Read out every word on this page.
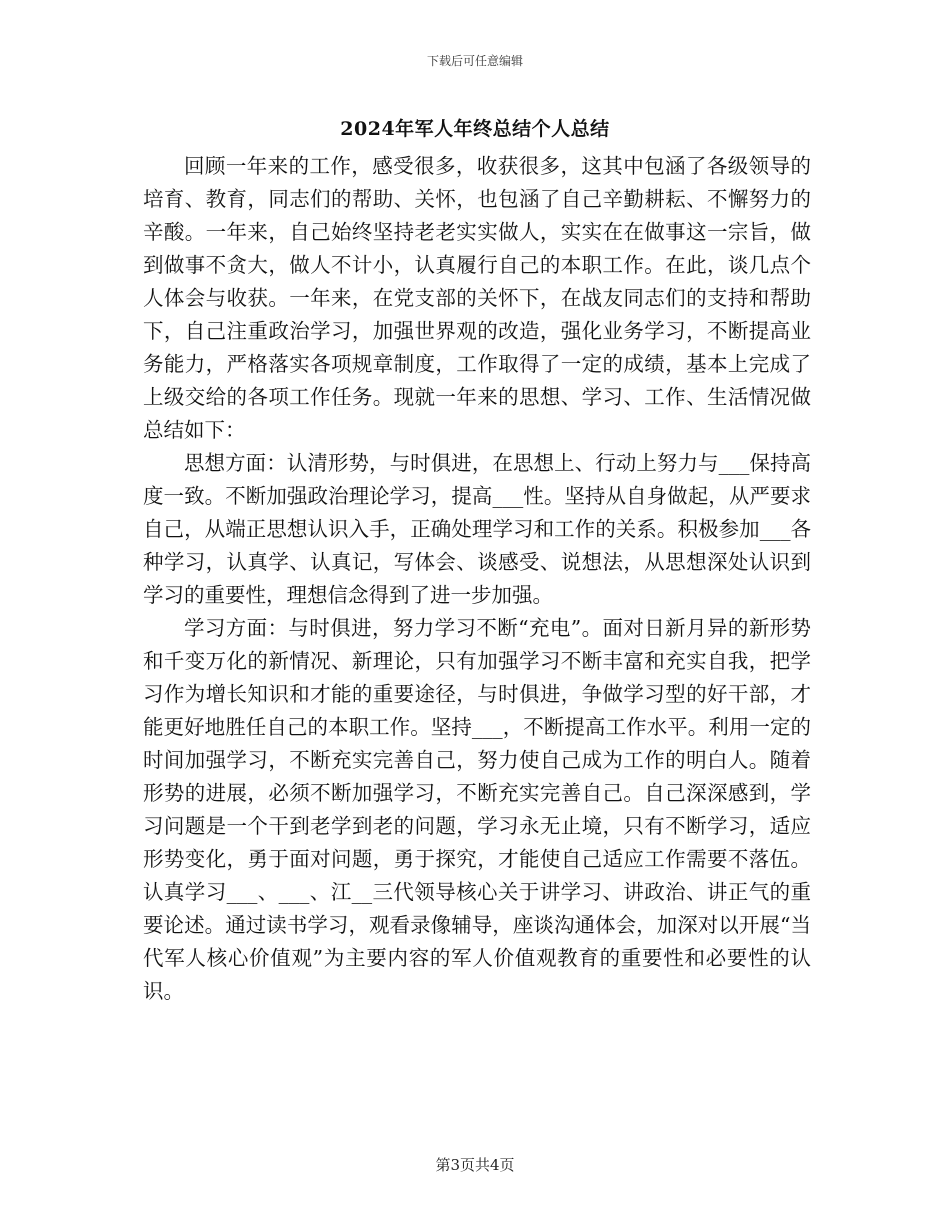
下载后可任意编辑
2024年军人年终总结个人总结

回顾一年来的工作，感受很多，收获很多，这其中包涵了各级领导的培育、教育，同志们的帮助、关怀，也包涵了自己辛勤耕耘、不懈努力的辛酸。一年来，自己始终坚持老老实实做人，实实在在做事这一宗旨，做到做事不贪大，做人不计小，认真履行自己的本职工作。在此，谈几点个人体会与收获。一年来，在党支部的关怀下，在战友同志们的支持和帮助下，自己注重政治学习，加强世界观的改造，强化业务学习，不断提高业务能力，严格落实各项规章制度，工作取得了一定的成绩，基本上完成了上级交给的各项工作任务。现就一年来的思想、学习、工作、生活情况做总结如下：

思想方面：认清形势，与时俱进，在思想上、行动上努力与___保持高度一致。不断加强政治理论学习，提高___性。坚持从自身做起，从严要求自己，从端正思想认识入手，正确处理学习和工作的关系。积极参加___各种学习，认真学、认真记，写体会、谈感受、说想法，从思想深处认识到学习的重要性，理想信念得到了进一步加强。

学习方面：与时俱进，努力学习不断“充电”。面对日新月异的新形势和千变万化的新情况、新理论，只有加强学习不断丰富和充实自我，把学习作为增长知识和才能的重要途径，与时俱进，争做学习型的好干部，才能更好地胜任自己的本职工作。坚持___，不断提高工作水平。利用一定的时间加强学习，不断充实完善自己，努力使自己成为工作的明白人。随着形势的进展，必须不断加强学习，不断充实完善自己。自己深深感到，学习问题是一个干到老学到老的问题，学习永无止境，只有不断学习，适应形势变化，勇于面对问题，勇于探究，才能使自己适应工作需要不落伍。认真学习___、___、江__三代领导核心关于讲学习、讲政治、讲正气的重要论述。通过读书学习，观看录像辅导，座谈沟通体会，加深对以开展“当代军人核心价值观”为主要内容的军人价值观教育的重要性和必要性的认识。

第3页共4页
